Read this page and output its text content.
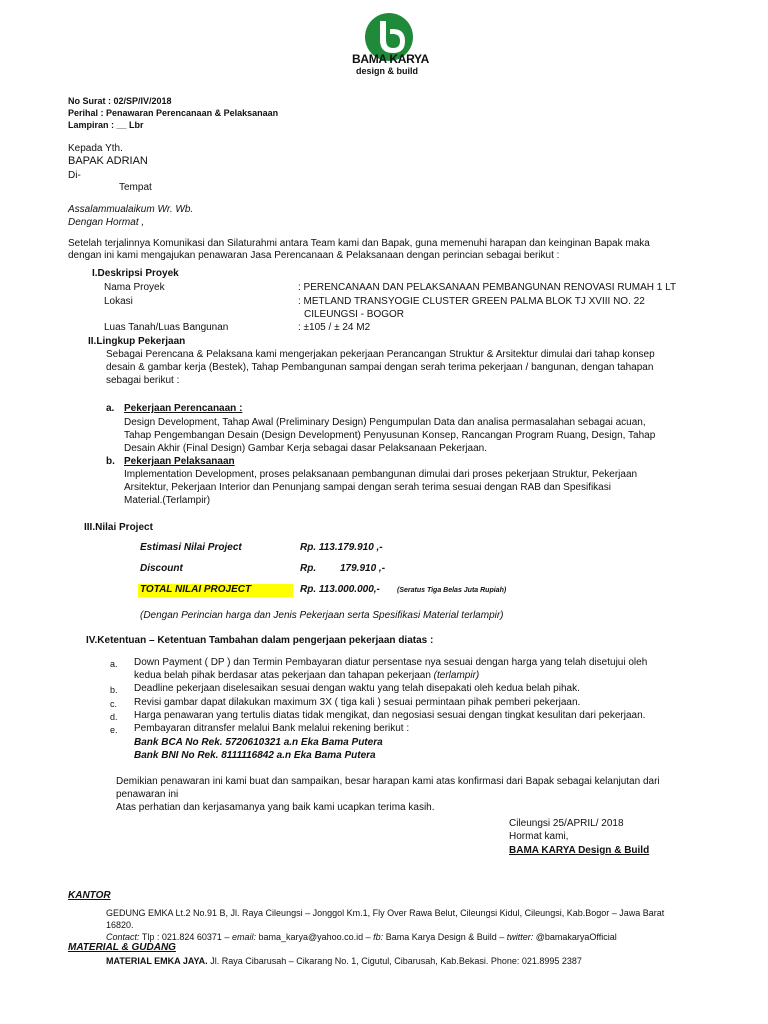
BAMA KARYA
design & build
No Surat : 02/SP/IV/2018
Perihal : Penawaran Perencanaan & Pelaksanaan
Lampiran : __ Lbr
Kepada Yth.
BAPAK ADRIAN
Di-
Tempat
Assalammualaikum Wr. Wb.
Dengan Hormat ,
Setelah terjalinnya Komunikasi dan Silaturahmi antara Team kami dan Bapak, guna memenuhi harapan dan keinginan Bapak maka
dengan ini kami mengajukan penawaran Jasa Perencanaan & Pelaksanaan dengan perincian sebagai berikut :
I.Deskripsi Proyek
Nama Proyek	: PERENCANAAN DAN PELAKSANAAN PEMBANGUNAN RENOVASI RUMAH 1 LT
Lokasi	: METLAND TRANSYOGIE CLUSTER GREEN PALMA BLOK TJ XVIII NO. 22
CILEUNGSI - BOGOR
Luas Tanah/Luas Bangunan	: ±105 / ± 24 M2
II.Lingkup Pekerjaan
Sebagai Perencana & Pelaksana kami mengerjakan pekerjaan Perancangan Struktur & Arsitektur dimulai dari tahap konsep
desain & gambar kerja (Bestek), Tahap Pembangunan sampai dengan serah terima pekerjaan / bangunan, dengan tahapan
sebagai berikut :
a. Pekerjaan Perencanaan :
Design Development, Tahap Awal (Preliminary Design) Pengumpulan Data dan analisa permasalahan sebagai acuan,
Tahap Pengembangan Desain (Design Development) Penyusunan Konsep, Rancangan Program Ruang, Design, Tahap
Desain Akhir (Final Design) Gambar Kerja sebagai dasar Pelaksanaan Pekerjaan.
b. Pekerjaan Pelaksanaan
Implementation Development, proses pelaksanaan pembangunan dimulai dari proses pekerjaan Struktur, Pekerjaan
Arsitektur, Pekerjaan Interior dan Penunjang sampai dengan serah terima sesuai dengan RAB dan Spesifikasi
Material.(Terlampir)
III.Nilai Project
Estimasi Nilai Project	Rp. 113.179.910 ,-
Discount	Rp. 179.910 ,-
TOTAL NILAI PROJECT	Rp. 113.000.000,- (Seratus Tiga Belas Juta Rupiah)
(Dengan Perincian harga dan Jenis Pekerjaan serta Spesifikasi Material terlampir)
IV.Ketentuan – Ketentuan Tambahan dalam pengerjaan pekerjaan diatas :
a. Down Payment ( DP ) dan Termin Pembayaran diatur persentase nya sesuai dengan harga yang telah disetujui oleh
kedua belah pihak berdasar atas pekerjaan dan tahapan pekerjaan (terlampir)
b. Deadline pekerjaan diselesaikan sesuai dengan waktu yang telah disepakati oleh kedua belah pihak.
c. Revisi gambar dapat dilakukan maximum 3X ( tiga kali ) sesuai permintaan pihak pemberi pekerjaan.
d. Harga penawaran yang tertulis diatas tidak mengikat, dan negosiasi sesuai dengan tingkat kesulitan dari pekerjaan.
e. Pembayaran ditransfer melalui Bank melalui rekening berikut :
Bank BCA No Rek. 5720610321 a.n Eka Bama Putera
Bank BNI No Rek. 8111116842 a.n Eka Bama Putera
Demikian penawaran ini kami buat dan sampaikan, besar harapan kami atas konfirmasi dari Bapak sebagai kelanjutan dari
penawaran ini
Atas perhatian dan kerjasamanya yang baik kami ucapkan terima kasih.
Cileungsi 25/APRIL/ 2018
Hormat kami,
BAMA KARYA Design & Build
KANTOR
GEDUNG EMKA Lt.2 No.91 B, Jl. Raya Cileungsi – Jonggol Km.1, Fly Over Rawa Belut, Cileungsi Kidul, Cileungsi, Kab.Bogor – Jawa Barat
16820.
Contact: Tlp : 021.824 60371 – email: bama_karya@yahoo.co.id – fb: Bama Karya Design & Build – twitter: @bamakaryaOfficial
MATERIAL & GUDANG
MATERIAL EMKA JAYA. Jl. Raya Cibarusah – Cikarang No. 1, Cigutul, Cibarusah, Kab.Bekasi. Phone: 021.8995 2387
